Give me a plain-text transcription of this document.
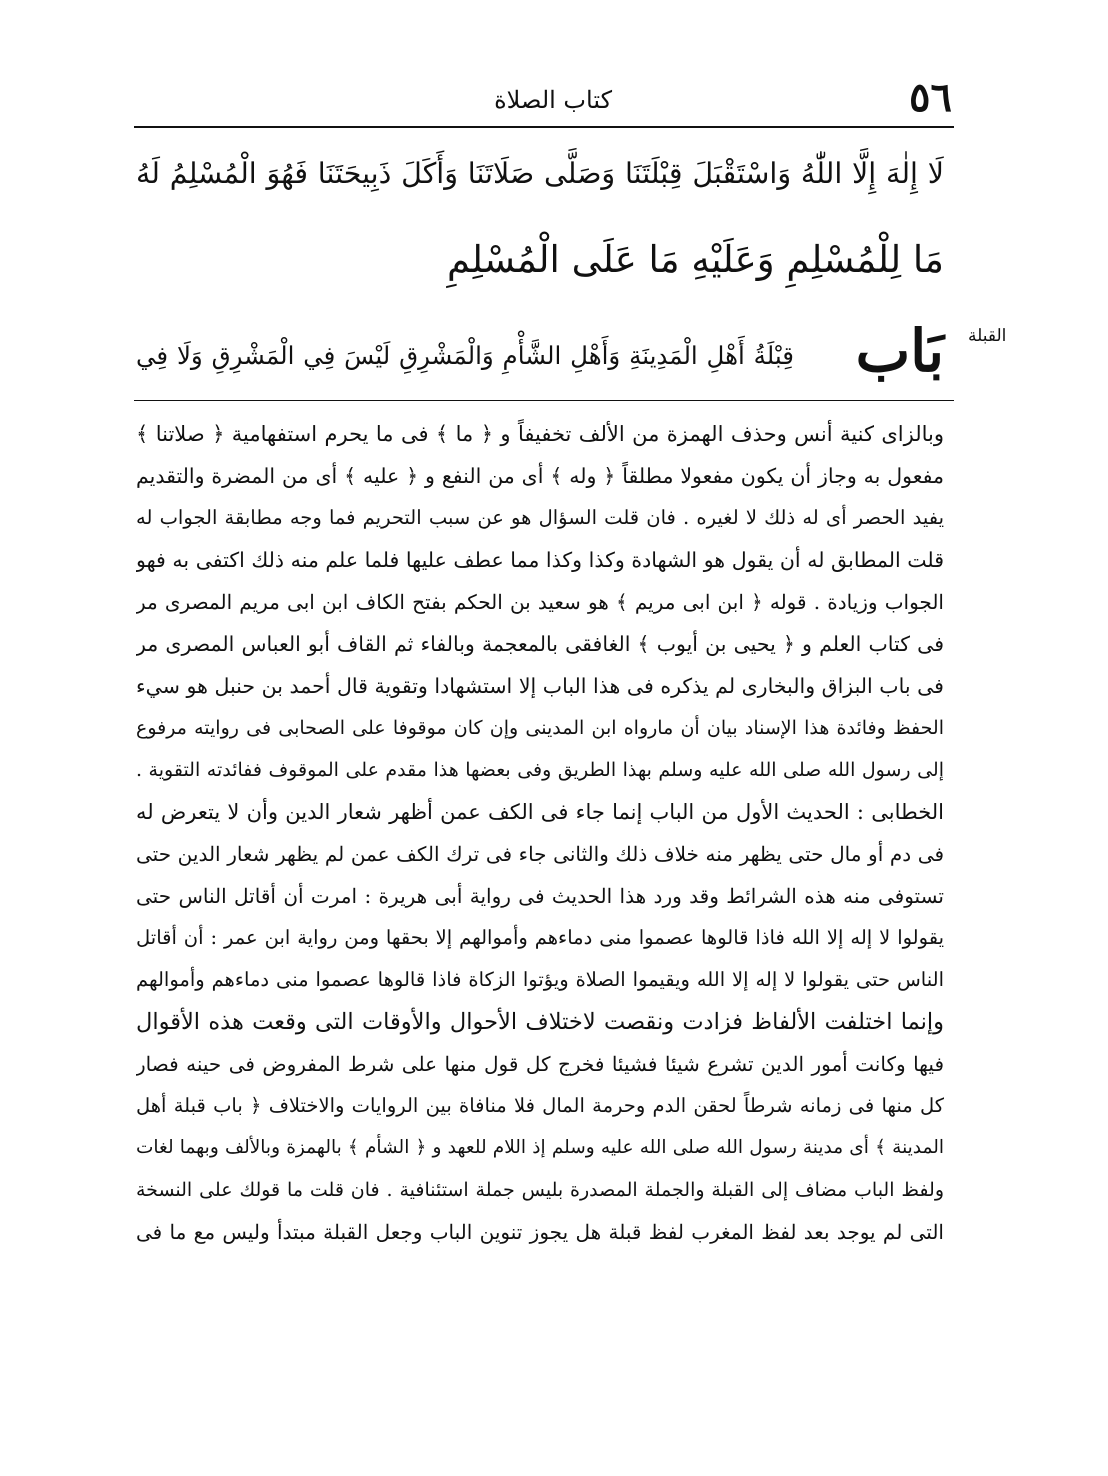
٥٦
كتاب الصلاة
لَا إِلٰهَ إِلَّا اللّٰهُ وَاسْتَقْبَلَ قِبْلَتَنَا وَصَلَّى صَلَاتَنَا وَأَكَلَ ذَبِيحَتَنَا فَهُوَ الْمُسْلِمُ لَهُ
مَا لِلْمُسْلِمِ وَعَلَيْهِ مَا عَلَى الْمُسْلِمِ
بَاب
قِبْلَةُ أَهْلِ الْمَدِينَةِ وَأَهْلِ الشَّأْمِ وَالْمَشْرِقِ لَيْسَ فِي الْمَشْرِقِ وَلَا فِي
القبلة
وبالزاى كنية أنس وحذف الهمزة من الألف تخفيفاً و ﴿ ما ﴾ فى ما يحرم استفهامية ﴿ صلاتنا ﴾
مفعول به وجاز أن يكون مفعولا مطلقاً ﴿ وله ﴾ أى من النفع و ﴿ عليه ﴾ أى من المضرة والتقديم
يفيد الحصر أى له ذلك لا لغيره . فان قلت السؤال هو عن سبب التحريم فما وجه مطابقة الجواب له
قلت المطابق له أن يقول هو الشهادة وكذا وكذا مما عطف عليها فلما علم منه ذلك اكتفى به فهو
الجواب وزيادة . قوله ﴿ ابن ابى مريم ﴾ هو سعيد بن الحكم بفتح الكاف ابن ابى مريم المصرى مر
فى كتاب العلم و ﴿ يحيى بن أيوب ﴾ الغافقى بالمعجمة وبالفاء ثم القاف أبو العباس المصرى مر
فى باب البزاق والبخارى لم يذكره فى هذا الباب إلا استشهادا وتقوية قال أحمد بن حنبل هو سيء
الحفظ وفائدة هذا الإسناد بيان أن مارواه ابن المدينى وإن كان موقوفا على الصحابى فى روايته مرفوع
إلى رسول الله صلى الله عليه وسلم بهذا الطريق وفى بعضها هذا مقدم على الموقوف ففائدته التقوية .
الخطابى : الحديث الأول من الباب إنما جاء فى الكف عمن أظهر شعار الدين وأن لا يتعرض له
فى دم أو مال حتى يظهر منه خلاف ذلك والثانى جاء فى ترك الكف عمن لم يظهر شعار الدين حتى
تستوفى منه هذه الشرائط وقد ورد هذا الحديث فى رواية أبى هريرة : امرت أن أقاتل الناس حتى
يقولوا لا إله إلا الله فاذا قالوها عصموا منى دماءهم وأموالهم إلا بحقها ومن رواية ابن عمر : أن أقاتل
الناس حتى يقولوا لا إله إلا الله ويقيموا الصلاة ويؤتوا الزكاة فاذا قالوها عصموا منى دماءهم وأموالهم
وإنما اختلفت الألفاظ فزادت ونقصت لاختلاف الأحوال والأوقات التى وقعت هذه الأقوال
فيها وكانت أمور الدين تشرع شيئا فشيئا فخرج كل قول منها على شرط المفروض فى حينه فصار
كل منها فى زمانه شرطاً لحقن الدم وحرمة المال فلا منافاة بين الروايات والاختلاف ﴿ باب قبلة أهل
المدينة ﴾ أى مدينة رسول الله صلى الله عليه وسلم إذ اللام للعهد و ﴿ الشأم ﴾ بالهمزة وبالألف وبهما لغات
ولفظ الباب مضاف إلى القبلة والجملة المصدرة بليس جملة استئنافية . فان قلت ما قولك على النسخة
التى لم يوجد بعد لفظ المغرب لفظ قبلة هل يجوز تنوين الباب وجعل القبلة مبتدأ وليس مع ما فى
